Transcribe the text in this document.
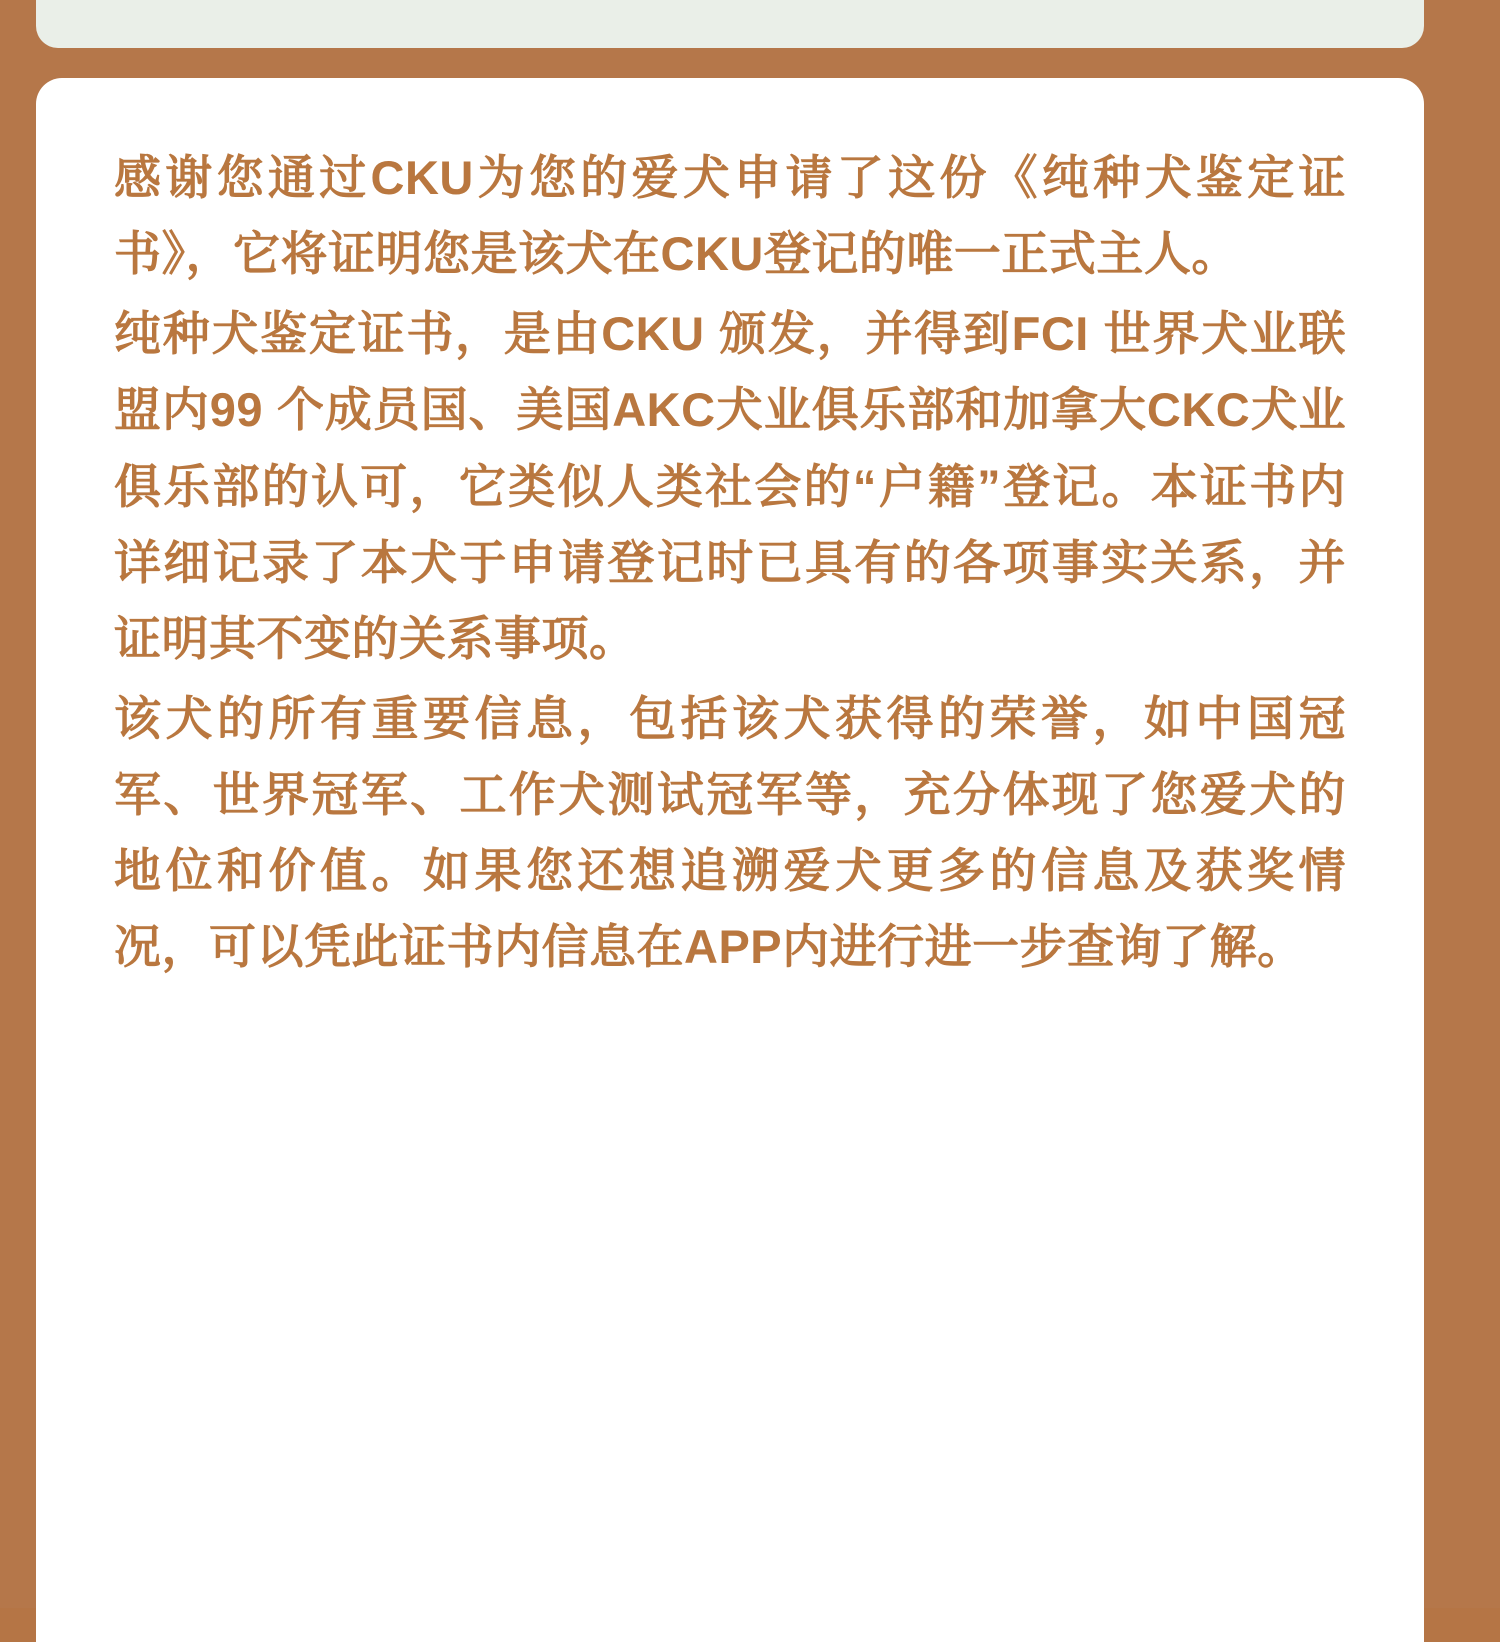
感谢您通过CKU为您的爱犬申请了这份《纯种犬鉴定证书》，它将证明您是该犬在CKU登记的唯一正式主人。

纯种犬鉴定证书，是由CKU 颁发，并得到FCI 世界犬业联盟内99 个成员国、美国AKC犬业俱乐部和加拿大CKC犬业俱乐部的认可，它类似人类社会的“户籍”登记。本证书内详细记录了本犬于申请登记时已具有的各项事实关系，并证明其不变的关系事项。

该犬的所有重要信息，包括该犬获得的荣誉，如中国冠军、世界冠军、工作犬测试冠军等，充分体现了您爱犬的地位和价值。如果您还想追溯爱犬更多的信息及获奖情况，可以凭此证书内信息在APP内进行进一步查询了解。
